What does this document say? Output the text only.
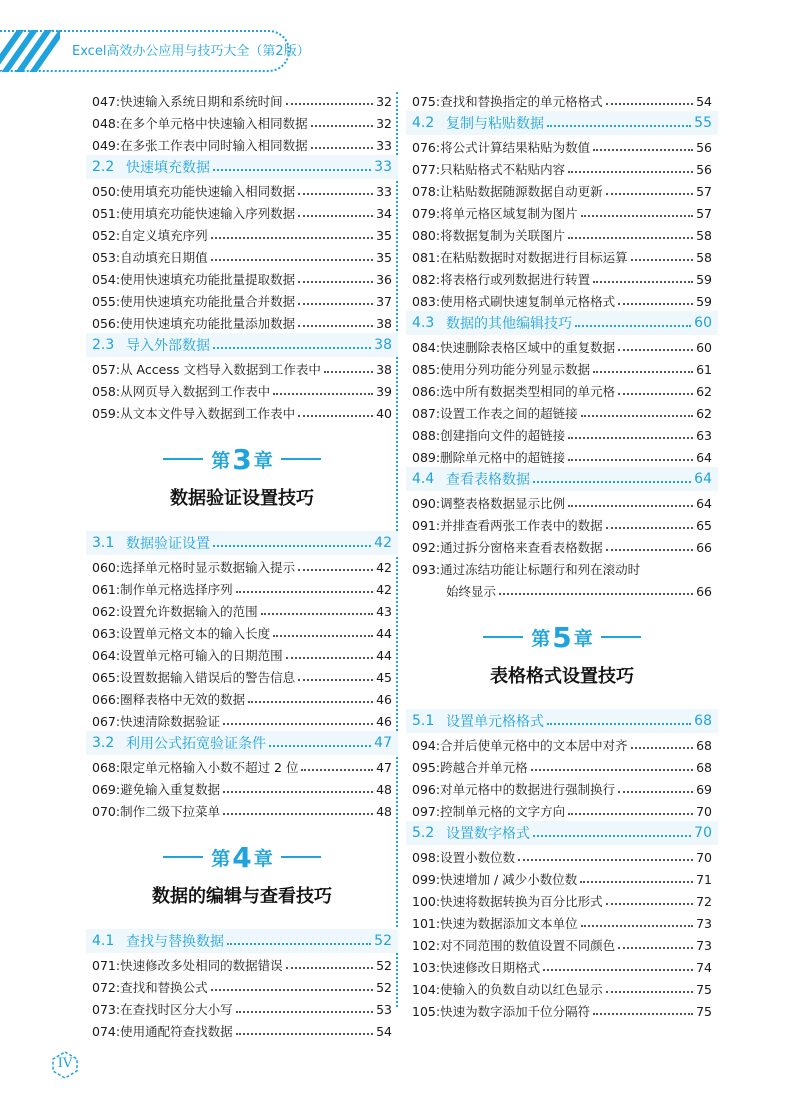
Excel高效办公应用与技巧大全（第2版）
047: 快速输入系统日期和系统时间	32
048: 在多个单元格中快速输入相同数据	32
049: 在多张工作表中同时输入相同数据	33
2.2 快速填充数据	33
050: 使用填充功能快速输入相同数据	33
051: 使用填充功能快速输入序列数据	34
052: 自定义填充序列	35
053: 自动填充日期值	35
054: 使用快速填充功能批量提取数据	36
055: 使用快速填充功能批量合并数据	37
056: 使用快速填充功能批量添加数据	38
2.3 导入外部数据	38
057: 从 Access 文档导入数据到工作表中	38
058: 从网页导入数据到工作表中	39
059: 从文本文件导入数据到工作表中	40
第 3 章
数据验证设置技巧
3.1 数据验证设置	42
060: 选择单元格时显示数据输入提示	42
061: 制作单元格选择序列	42
062: 设置允许数据输入的范围	43
063: 设置单元格文本的输入长度	44
064: 设置单元格可输入的日期范围	44
065: 设置数据输入错误后的警告信息	45
066: 圈释表格中无效的数据	46
067: 快速清除数据验证	46
3.2 利用公式拓宽验证条件	47
068: 限定单元格输入小数不超过 2 位	47
069: 避免输入重复数据	48
070: 制作二级下拉菜单	48
第 4 章
数据的编辑与查看技巧
4.1 查找与替换数据	52
071: 快速修改多处相同的数据错误	52
072: 查找和替换公式	52
073: 在查找时区分大小写	53
074: 使用通配符查找数据	54
075: 查找和替换指定的单元格格式	54
4.2 复制与粘贴数据	55
076: 将公式计算结果粘贴为数值	56
077: 只粘贴格式不粘贴内容	56
078: 让粘贴数据随源数据自动更新	57
079: 将单元格区域复制为图片	57
080: 将数据复制为关联图片	58
081: 在粘贴数据时对数据进行目标运算	58
082: 将表格行或列数据进行转置	59
083: 使用格式刷快速复制单元格格式	59
4.3 数据的其他编辑技巧	60
084: 快速删除表格区域中的重复数据	60
085: 使用分列功能分列显示数据	61
086: 选中所有数据类型相同的单元格	62
087: 设置工作表之间的超链接	62
088: 创建指向文件的超链接	63
089: 删除单元格中的超链接	64
4.4 查看表格数据	64
090: 调整表格数据显示比例	64
091: 并排查看两张工作表中的数据	65
092: 通过拆分窗格来查看表格数据	66
093: 通过冻结功能让标题行和列在滚动时
始终显示	66
第 5 章
表格格式设置技巧
5.1 设置单元格格式	68
094: 合并后使单元格中的文本居中对齐	68
095: 跨越合并单元格	68
096: 对单元格中的数据进行强制换行	69
097: 控制单元格的文字方向	70
5.2 设置数字格式	70
098: 设置小数位数	70
099: 快速增加 / 减少小数位数	71
100: 快速将数据转换为百分比形式	72
101: 快速为数据添加文本单位	73
102: 对不同范围的数值设置不同颜色	73
103: 快速修改日期格式	74
104: 使输入的负数自动以红色显示	75
105: 快速为数字添加千位分隔符	75
IV
